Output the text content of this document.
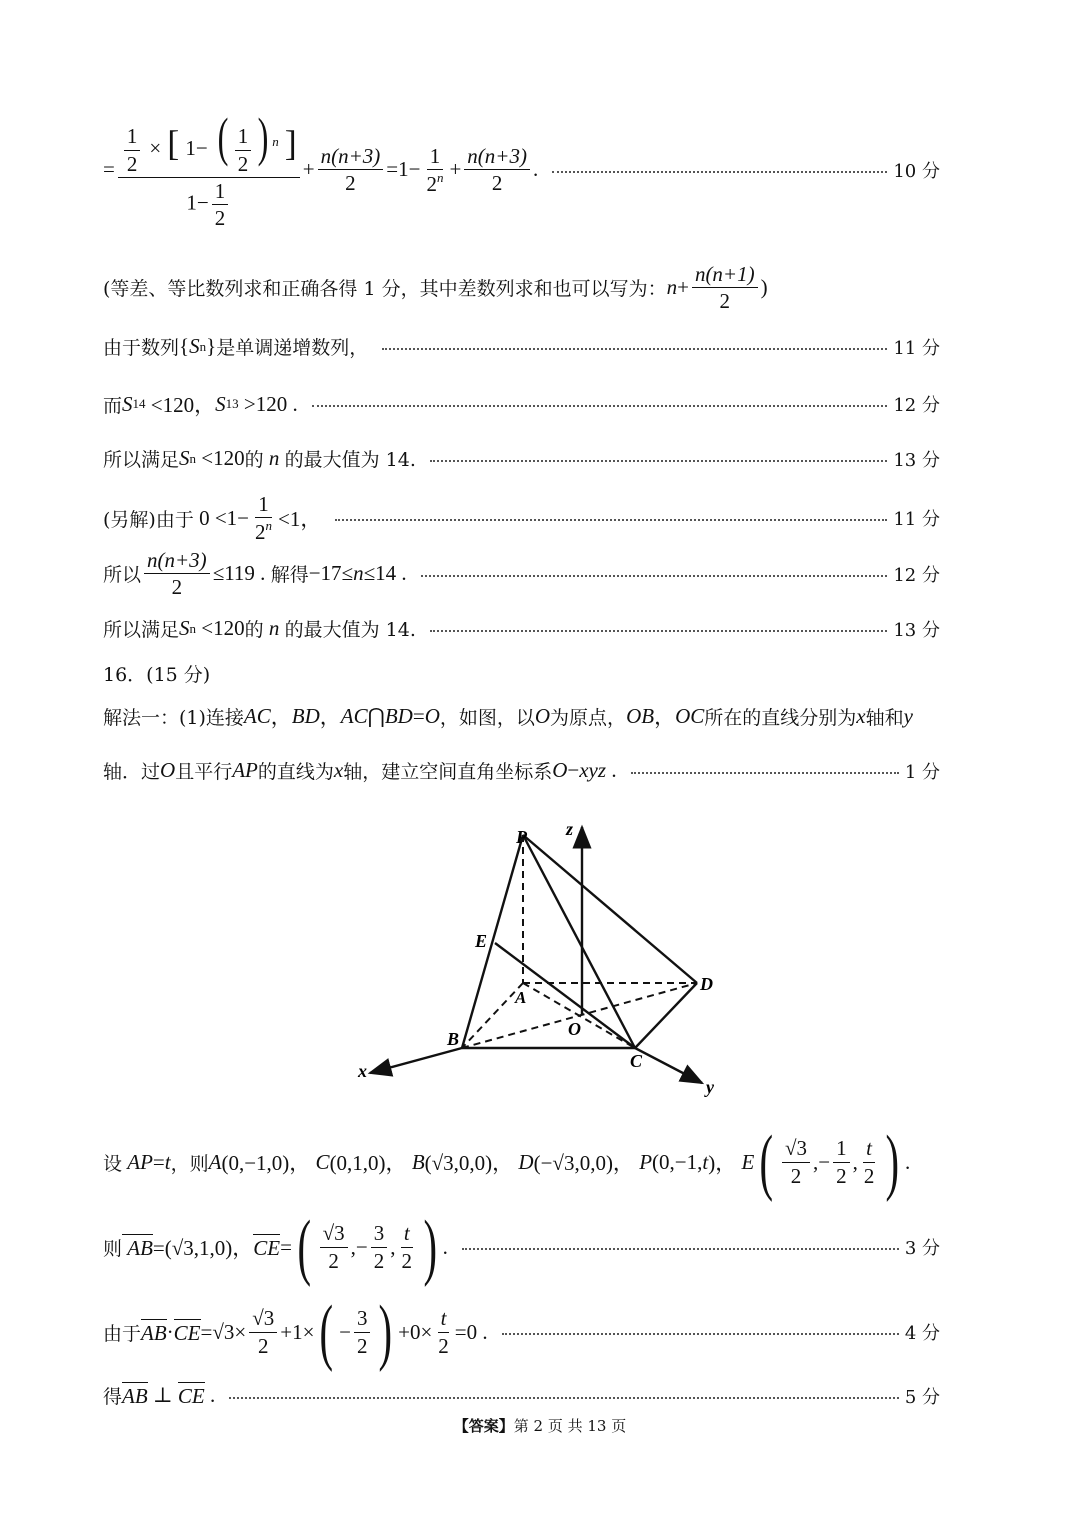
= $\frac{\frac{1}{2} \times [ 1- ( \frac{1}{2} ) ^n ]}{1- \frac{1}{2}} + \frac{n(n+3)}{2} =1- \frac{1}{2^n} + \frac{n(n+3)}{2}$ .	10 分
(等差、等比数列求和正确各得 1 分，其中差数列求和也可以写为： $n + \frac{n(n+1)}{2}$ )
由于数列 { S n } 是单调递增数列，	11 分
而 S 14 <120， S 13 >120 .	12 分
所以满足 S n <120 的 n 的最大值为 14.	13 分
(另解)由于 $0 <1- \frac{1}{2^n} <1$，	11 分
所以 $\frac{n(n+3)}{2} \le 119$ . 解得 −17≤ n ≤14 .	12 分
所以满足 S n <120 的 n 的最大值为 14.	13 分
16．(15 分)
解法一：(1)连接 AC ， BD ， AC ⋂ BD = O ，如图，以 O 为原点， OB ， OC 所在的直线分别为 x 轴和 y
轴．过 O 且平行 AP 的直线为 x 轴，建立空间直角坐标系 O − xyz .	1 分
P
E
A
B
C
D
O
x
y
z
设 AP = t ，则 A (0,−1,0)， C (0,1,0)， B (√3,0,0)， D (−√3,0,0)， P (0,−1, t )， E ( $\frac{√3}{2}$ ,− $\frac{1}{2}$ , $\frac{t}{2}$ ) .
则 AB =(√3,1,0)， CE = ( $\frac{√3}{2}$ ,− $\frac{3}{2}$ , $\frac{t}{2}$ ) .	3 分
由于 AB · CE $=√3\times \frac{√3}{2} +1\times$ ( − $\frac{3}{2}$ ) $+0\times \frac{t}{2} =0$ .	4 分
得 AB ⊥ CE .	5 分
【答案】第 2 页 共 13 页
